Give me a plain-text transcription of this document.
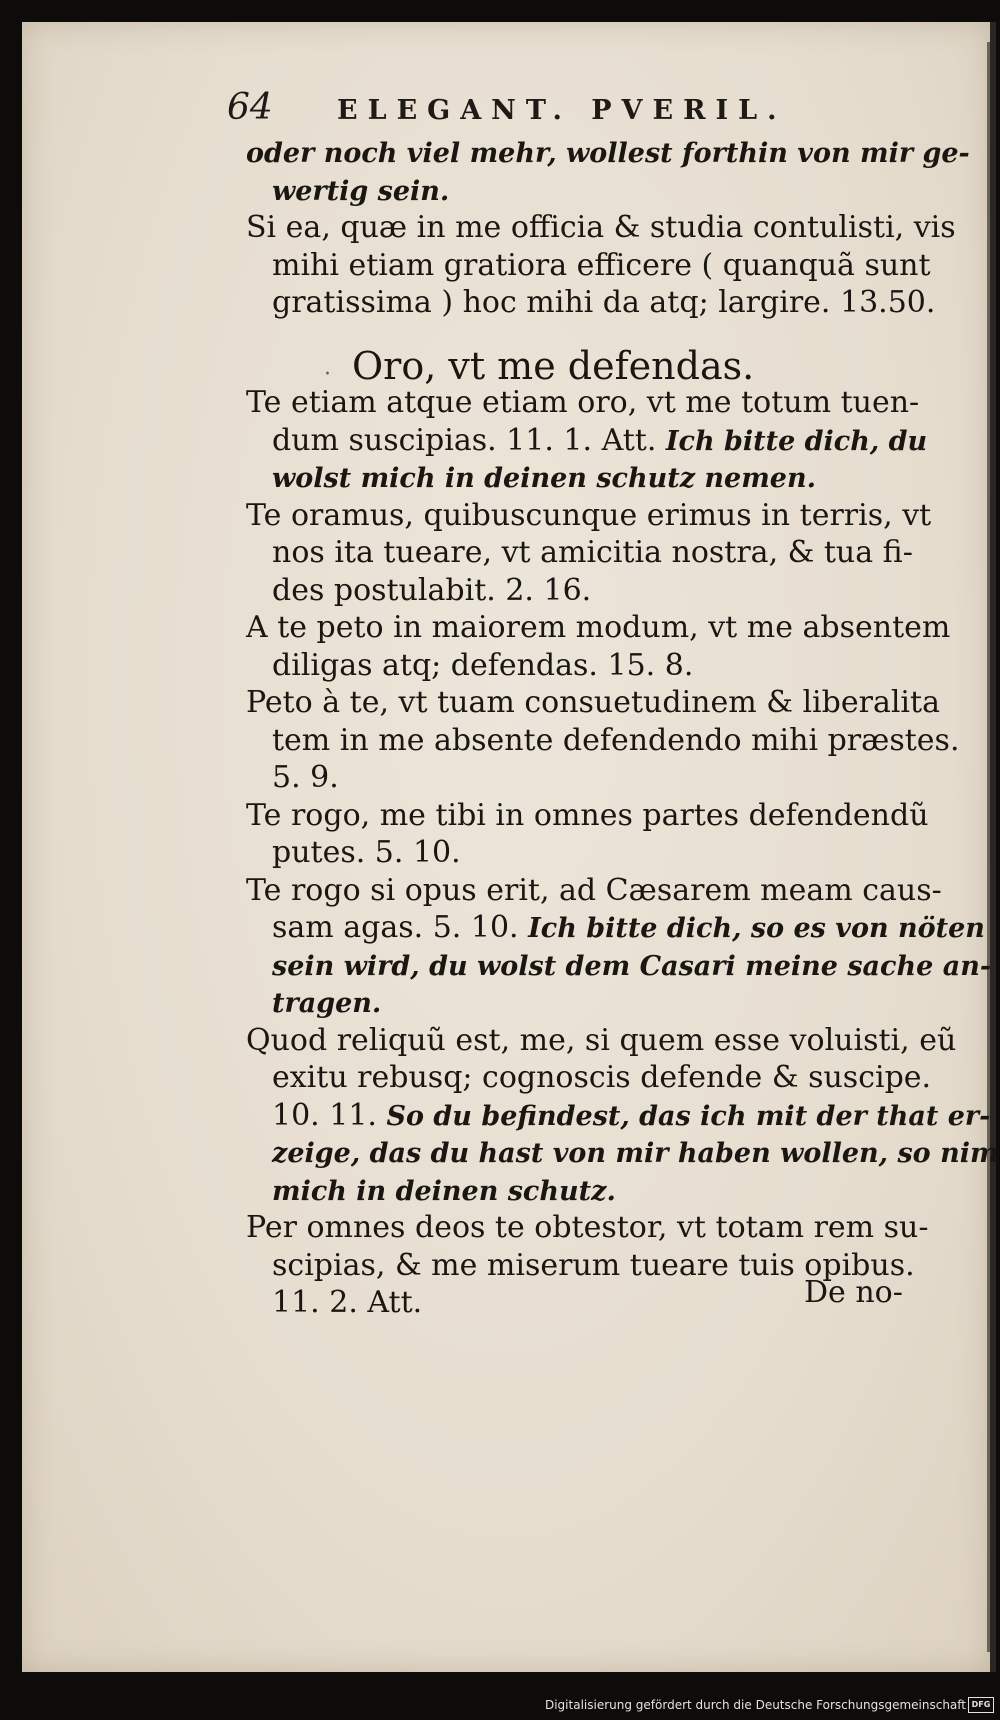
64 ELEGANT. PVERIL.
oder noch viel mehr, wollest forthin von mir ge-
wertig sein.
Si ea, quæ in me officia & studia contulisti, vis
mihi etiam gratiora efficere ( quanquã sunt
gratissima ) hoc mihi da atq; largire. 13.50.
· Oro, vt me defendas.
Te etiam atque etiam oro, vt me totum tuen-
dum suscipias. 11. 1. Att. Ich bitte dich, du
wolst mich in deinen schutz nemen.
Te oramus, quibuscunque erimus in terris, vt
nos ita tueare, vt amicitia nostra, & tua fi-
des postulabit. 2. 16.
A te peto in maiorem modum, vt me absentem
diligas atq; defendas. 15. 8.
Peto à te, vt tuam consuetudinem & liberalita
tem in me absente defendendo mihi præstes.
5. 9.
Te rogo, me tibi in omnes partes defendendũ
putes. 5. 10.
Te rogo si opus erit, ad Cæsarem meam caus-
sam agas. 5. 10. Ich bitte dich, so es von nöten
sein wird, du wolst dem Casari meine sache an-
tragen.
Quod reliquũ est, me, si quem esse voluisti, eũ
exitu rebusq; cognoscis defende & suscipe.
10. 11. So du befindest, das ich mit der that er-
zeige, das du hast von mir haben wollen, so nim
mich in deinen schutz.
Per omnes deos te obtestor, vt totam rem su-
scipias, & me miserum tueare tuis opibus.
11. 2. Att.	De no-
Digitalisierung gefördert durch die Deutsche Forschungsgemeinschaft DFG
